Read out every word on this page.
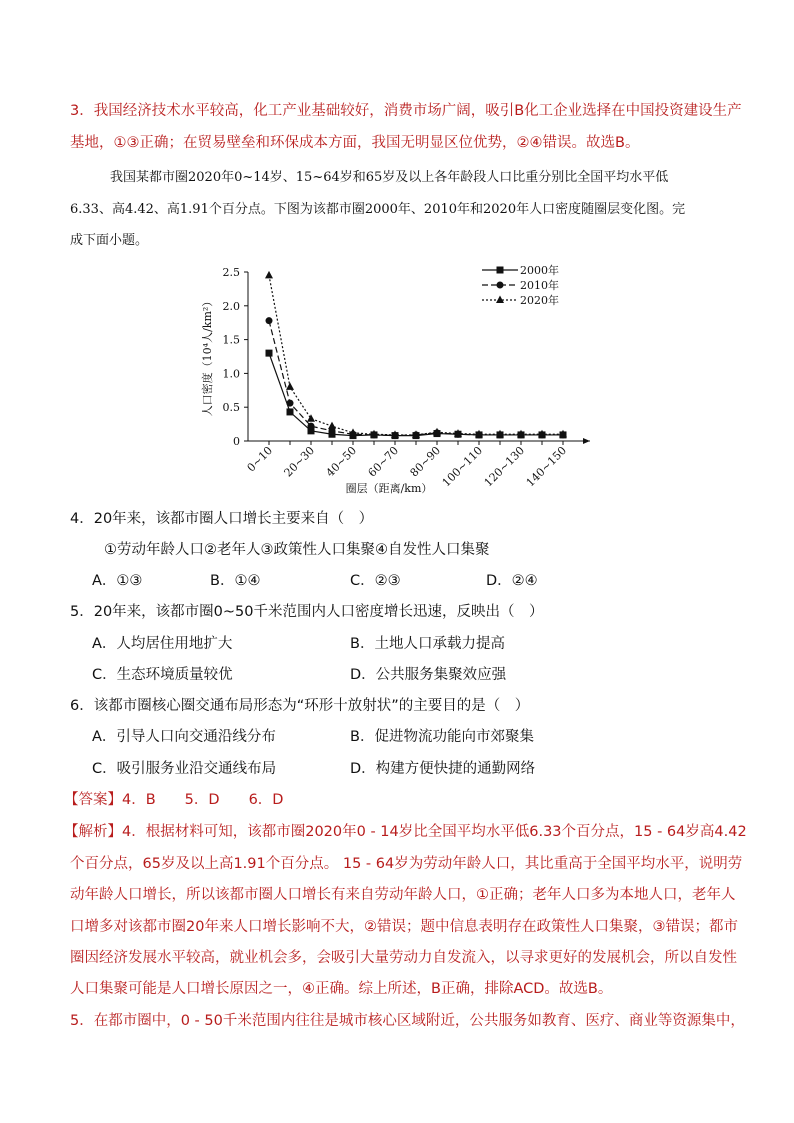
3．我国经济技术水平较高，化工产业基础较好，消费市场广阔，吸引B化工企业选择在中国投资建设生产
基地，①③正确；在贸易壁垒和环保成本方面，我国无明显区位优势，②④错误。故选B。
我国某都市圈2020年0~14岁、15~64岁和65岁及以上各年龄段人口比重分别比全国平均水平低
6.33、高4.42、高1.91个百分点。下图为该都市圈2000年、2010年和2020年人口密度随圈层变化图。完
成下面小题。
0
0.5
1.0
1.5
2.0
2.5
0~10 20~30 40~50 60~70 80~90
100~110
120~130
140~150
2000年
2010年
2020年
人口密度（10⁴人/km²）
圈层（距离/km）
4．20年来，该都市圈人口增长主要来自（　）
①劳动年龄人口②老年人③政策性人口集聚④自发性人口集聚
A．①③	B．①④	C．②③	D．②④
5．20年来，该都市圈0~50千米范围内人口密度增长迅速，反映出（　）
A．人均居住用地扩大	B．土地人口承载力提高
C．生态环境质量较优	D．公共服务集聚效应强
6．该都市圈核心圈交通布局形态为“环形十放射状”的主要目的是（　）
A．引导人口向交通沿线分布	B．促进物流功能向市郊聚集
C．吸引服务业沿交通线布局	D．构建方便快捷的通勤网络
【答案】4．B　　5．D　　6．D
【解析】4．根据材料可知，该都市圈2020年0 - 14岁比全国平均水平低6.33个百分点，15 - 64岁高4.42
个百分点，65岁及以上高1.91个百分点。 15 - 64岁为劳动年龄人口，其比重高于全国平均水平，说明劳
动年龄人口增长，所以该都市圈人口增长有来自劳动年龄人口，①正确；老年人口多为本地人口，老年人
口增多对该都市圈20年来人口增长影响不大，②错误；题中信息表明存在政策性人口集聚，③错误；都市
圈因经济发展水平较高，就业机会多，会吸引大量劳动力自发流入，以寻求更好的发展机会，所以自发性
人口集聚可能是人口增长原因之一，④正确。综上所述，B正确，排除ACD。故选B。
5．在都市圈中，0 - 50千米范围内往往是城市核心区域附近，公共服务如教育、医疗、商业等资源集中，
